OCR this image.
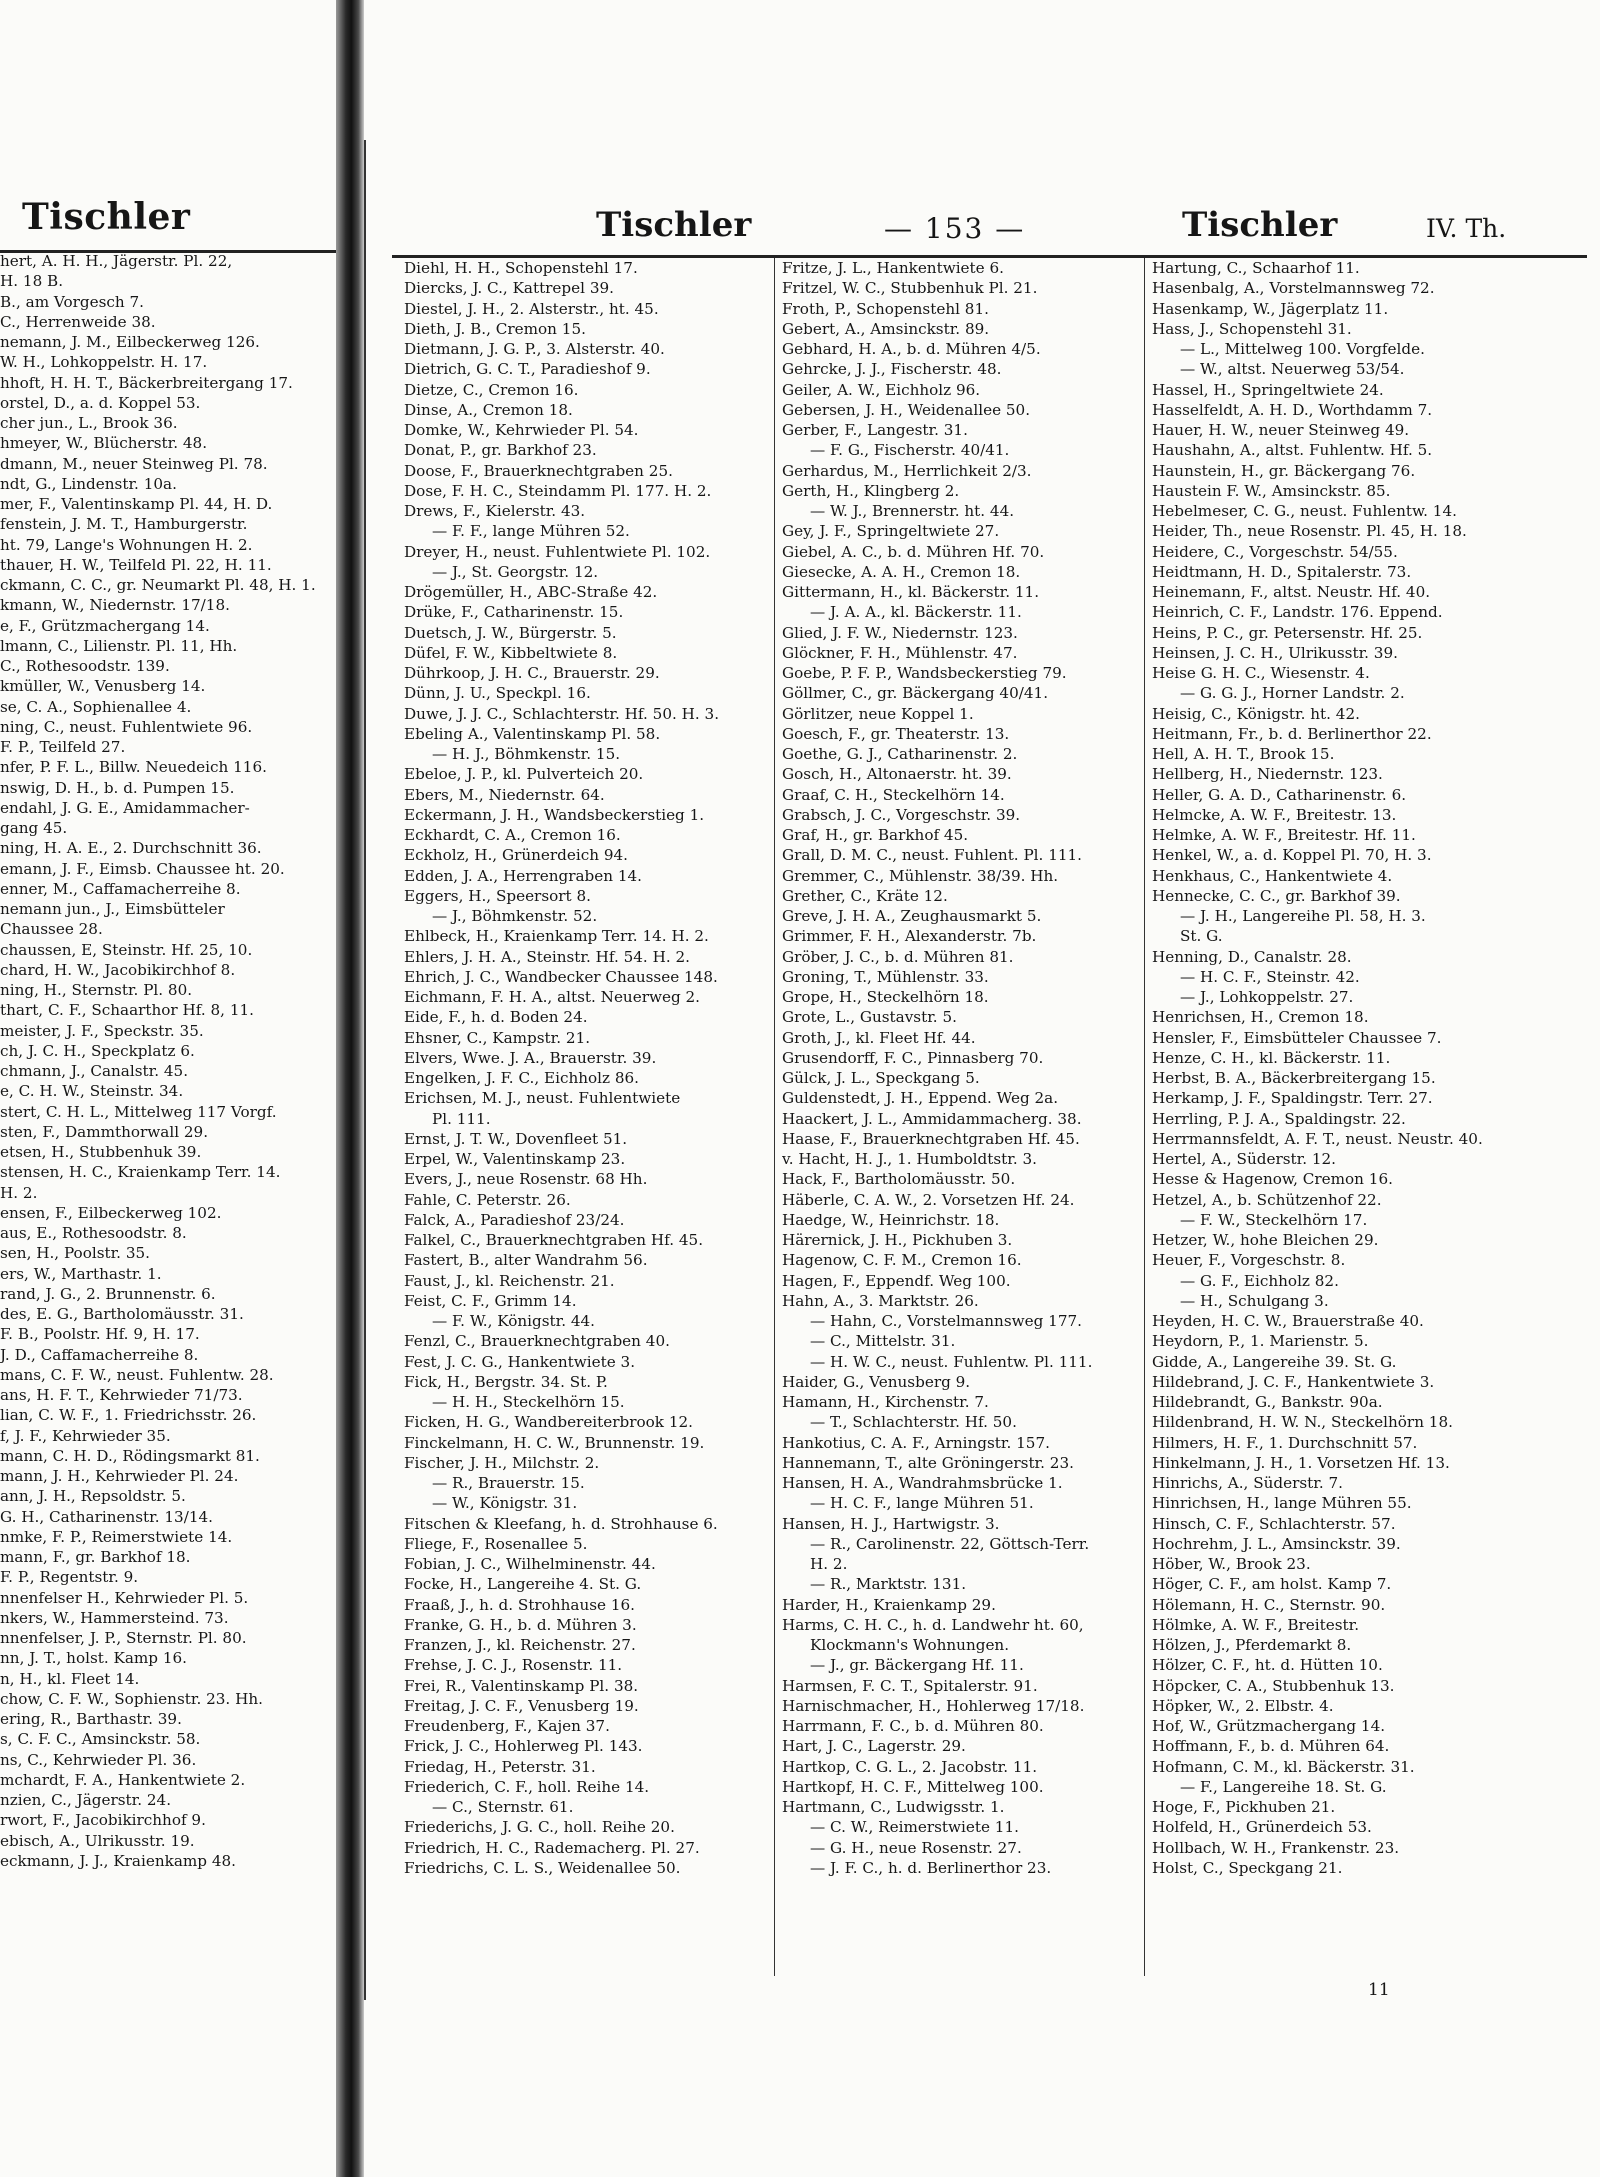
Tischler
hert, A. H. H., Jägerstr. Pl. 22,
H. 18 B.
B., am Vorgesch 7.
C., Herrenweide 38.
nemann, J. M., Eilbeckerweg 126.
W. H., Lohkoppelstr. H. 17.
hhoft, H. H. T., Bäckerbreitergang 17.
orstel, D., a. d. Koppel 53.
cher jun., L., Brook 36.
hmeyer, W., Blücherstr. 48.
dmann, M., neuer Steinweg Pl. 78.
ndt, G., Lindenstr. 10a.
mer, F., Valentinskamp Pl. 44, H. D.
fenstein, J. M. T., Hamburgerstr.
ht. 79, Lange's Wohnungen H. 2.
thauer, H. W., Teilfeld Pl. 22, H. 11.
ckmann, C. C., gr. Neumarkt Pl. 48, H. 1.
kmann, W., Niedernstr. 17/18.
e, F., Grützmachergang 14.
lmann, C., Lilienstr. Pl. 11, Hh.
C., Rothesoodstr. 139.
kmüller, W., Venusberg 14.
se, C. A., Sophienallee 4.
ning, C., neust. Fuhlentwiete 96.
F. P., Teilfeld 27.
nfer, P. F. L., Billw. Neuedeich 116.
nswig, D. H., b. d. Pumpen 15.
endahl, J. G. E., Amidammacher-
gang 45.
ning, H. A. E., 2. Durchschnitt 36.
emann, J. F., Eimsb. Chaussee ht. 20.
enner, M., Caffamacherreihe 8.
nemann jun., J., Eimsbütteler
Chaussee 28.
chaussen, E, Steinstr. Hf. 25, 10.
chard, H. W., Jacobikirchhof 8.
ning, H., Sternstr. Pl. 80.
thart, C. F., Schaarthor Hf. 8, 11.
meister, J. F., Speckstr. 35.
ch, J. C. H., Speckplatz 6.
chmann, J., Canalstr. 45.
e, C. H. W., Steinstr. 34.
stert, C. H. L., Mittelweg 117 Vorgf.
sten, F., Dammthorwall 29.
etsen, H., Stubbenhuk 39.
stensen, H. C., Kraienkamp Terr. 14.
H. 2.
ensen, F., Eilbeckerweg 102.
aus, E., Rothesoodstr. 8.
sen, H., Poolstr. 35.
ers, W., Marthastr. 1.
rand, J. G., 2. Brunnenstr. 6.
des, E. G., Bartholomäusstr. 31.
F. B., Poolstr. Hf. 9, H. 17.
J. D., Caffamacherreihe 8.
mans, C. F. W., neust. Fuhlentw. 28.
ans, H. F. T., Kehrwieder 71/73.
lian, C. W. F., 1. Friedrichsstr. 26.
f, J. F., Kehrwieder 35.
mann, C. H. D., Rödingsmarkt 81.
mann, J. H., Kehrwieder Pl. 24.
ann, J. H., Repsoldstr. 5.
G. H., Catharinenstr. 13/14.
nmke, F. P., Reimerstwiete 14.
mann, F., gr. Barkhof 18.
F. P., Regentstr. 9.
nnenfelser H., Kehrwieder Pl. 5.
nkers, W., Hammersteind. 73.
nnenfelser, J. P., Sternstr. Pl. 80.
nn, J. T., holst. Kamp 16.
n, H., kl. Fleet 14.
chow, C. F. W., Sophienstr. 23. Hh.
ering, R., Barthastr. 39.
s, C. F. C., Amsinckstr. 58.
ns, C., Kehrwieder Pl. 36.
mchardt, F. A., Hankentwiete 2.
nzien, C., Jägerstr. 24.
rwort, F., Jacobikirchhof 9.
ebisch, A., Ulrikusstr. 19.
eckmann, J. J., Kraienkamp 48.
Tischler	— 153 —	Tischler	IV. Th.
Diehl, H. H., Schopenstehl 17.
Diercks, J. C., Kattrepel 39.
Diestel, J. H., 2. Alsterstr., ht. 45.
Dieth, J. B., Cremon 15.
Dietmann, J. G. P., 3. Alsterstr. 40.
Dietrich, G. C. T., Paradieshof 9.
Dietze, C., Cremon 16.
Dinse, A., Cremon 18.
Domke, W., Kehrwieder Pl. 54.
Donat, P., gr. Barkhof 23.
Doose, F., Brauerknechtgraben 25.
Dose, F. H. C., Steindamm Pl. 177. H. 2.
Drews, F., Kielerstr. 43.
— F. F., lange Mühren 52.
Dreyer, H., neust. Fuhlentwiete Pl. 102.
— J., St. Georgstr. 12.
Drögemüller, H., ABC-Straße 42.
Drüke, F., Catharinenstr. 15.
Duetsch, J. W., Bürgerstr. 5.
Düfel, F. W., Kibbeltwiete 8.
Dührkoop, J. H. C., Brauerstr. 29.
Dünn, J. U., Speckpl. 16.
Duwe, J. J. C., Schlachterstr. Hf. 50. H. 3.
Ebeling A., Valentinskamp Pl. 58.
— H. J., Böhmkenstr. 15.
Ebeloe, J. P., kl. Pulverteich 20.
Ebers, M., Niedernstr. 64.
Eckermann, J. H., Wandsbeckerstieg 1.
Eckhardt, C. A., Cremon 16.
Eckholz, H., Grünerdeich 94.
Edden, J. A., Herrengraben 14.
Eggers, H., Speersort 8.
— J., Böhmkenstr. 52.
Ehlbeck, H., Kraienkamp Terr. 14. H. 2.
Ehlers, J. H. A., Steinstr. Hf. 54. H. 2.
Ehrich, J. C., Wandbecker Chaussee 148.
Eichmann, F. H. A., altst. Neuerweg 2.
Eide, F., h. d. Boden 24.
Ehsner, C., Kampstr. 21.
Elvers, Wwe. J. A., Brauerstr. 39.
Engelken, J. F. C., Eichholz 86.
Erichsen, M. J., neust. Fuhlentwiete
Pl. 111.
Ernst, J. T. W., Dovenfleet 51.
Erpel, W., Valentinskamp 23.
Evers, J., neue Rosenstr. 68 Hh.
Fahle, C. Peterstr. 26.
Falck, A., Paradieshof 23/24.
Falkel, C., Brauerknechtgraben Hf. 45.
Fastert, B., alter Wandrahm 56.
Faust, J., kl. Reichenstr. 21.
Feist, C. F., Grimm 14.
— F. W., Königstr. 44.
Fenzl, C., Brauerknechtgraben 40.
Fest, J. C. G., Hankentwiete 3.
Fick, H., Bergstr. 34. St. P.
— H. H., Steckelhörn 15.
Ficken, H. G., Wandbereiterbrook 12.
Finckelmann, H. C. W., Brunnenstr. 19.
Fischer, J. H., Milchstr. 2.
— R., Brauerstr. 15.
— W., Königstr. 31.
Fitschen & Kleefang, h. d. Strohhause 6.
Fliege, F., Rosenallee 5.
Fobian, J. C., Wilhelminenstr. 44.
Focke, H., Langereihe 4. St. G.
Fraaß, J., h. d. Strohhause 16.
Franke, G. H., b. d. Mühren 3.
Franzen, J., kl. Reichenstr. 27.
Frehse, J. C. J., Rosenstr. 11.
Frei, R., Valentinskamp Pl. 38.
Freitag, J. C. F., Venusberg 19.
Freudenberg, F., Kajen 37.
Frick, J. C., Hohlerweg Pl. 143.
Friedag, H., Peterstr. 31.
Friederich, C. F., holl. Reihe 14.
— C., Sternstr. 61.
Friederichs, J. G. C., holl. Reihe 20.
Friedrich, H. C., Rademacherg. Pl. 27.
Friedrichs, C. L. S., Weidenallee 50.
Fritze, J. L., Hankentwiete 6.
Fritzel, W. C., Stubbenhuk Pl. 21.
Froth, P., Schopenstehl 81.
Gebert, A., Amsinckstr. 89.
Gebhard, H. A., b. d. Mühren 4/5.
Gehrcke, J. J., Fischerstr. 48.
Geiler, A. W., Eichholz 96.
Gebersen, J. H., Weidenallee 50.
Gerber, F., Langestr. 31.
— F. G., Fischerstr. 40/41.
Gerhardus, M., Herrlichkeit 2/3.
Gerth, H., Klingberg 2.
— W. J., Brennerstr. ht. 44.
Gey, J. F., Springeltwiete 27.
Giebel, A. C., b. d. Mühren Hf. 70.
Giesecke, A. A. H., Cremon 18.
Gittermann, H., kl. Bäckerstr. 11.
— J. A. A., kl. Bäckerstr. 11.
Glied, J. F. W., Niedernstr. 123.
Glöckner, F. H., Mühlenstr. 47.
Goebe, P. F. P., Wandsbeckerstieg 79.
Göllmer, C., gr. Bäckergang 40/41.
Görlitzer, neue Koppel 1.
Goesch, F., gr. Theaterstr. 13.
Goethe, G. J., Catharinenstr. 2.
Gosch, H., Altonaerstr. ht. 39.
Graaf, C. H., Steckelhörn 14.
Grabsch, J. C., Vorgeschstr. 39.
Graf, H., gr. Barkhof 45.
Grall, D. M. C., neust. Fuhlent. Pl. 111.
Gremmer, C., Mühlenstr. 38/39. Hh.
Grether, C., Kräte 12.
Greve, J. H. A., Zeughausmarkt 5.
Grimmer, F. H., Alexanderstr. 7b.
Gröber, J. C., b. d. Mühren 81.
Groning, T., Mühlenstr. 33.
Grope, H., Steckelhörn 18.
Grote, L., Gustavstr. 5.
Groth, J., kl. Fleet Hf. 44.
Grusendorff, F. C., Pinnasberg 70.
Gülck, J. L., Speckgang 5.
Guldenstedt, J. H., Eppend. Weg 2a.
Haackert, J. L., Ammidammacherg. 38.
Haase, F., Brauerknechtgraben Hf. 45.
v. Hacht, H. J., 1. Humboldtstr. 3.
Hack, F., Bartholomäusstr. 50.
Häberle, C. A. W., 2. Vorsetzen Hf. 24.
Haedge, W., Heinrichstr. 18.
Härernick, J. H., Pickhuben 3.
Hagenow, C. F. M., Cremon 16.
Hagen, F., Eppendf. Weg 100.
Hahn, A., 3. Marktstr. 26.
— Hahn, C., Vorstelmannsweg 177.
— C., Mittelstr. 31.
— H. W. C., neust. Fuhlentw. Pl. 111.
Haider, G., Venusberg 9.
Hamann, H., Kirchenstr. 7.
— T., Schlachterstr. Hf. 50.
Hankotius, C. A. F., Arningstr. 157.
Hannemann, T., alte Gröningerstr. 23.
Hansen, H. A., Wandrahmsbrücke 1.
— H. C. F., lange Mühren 51.
Hansen, H. J., Hartwigstr. 3.
— R., Carolinenstr. 22, Göttsch-Terr.
H. 2.
— R., Marktstr. 131.
Harder, H., Kraienkamp 29.
Harms, C. H. C., h. d. Landwehr ht. 60,
Klockmann's Wohnungen.
— J., gr. Bäckergang Hf. 11.
Harmsen, F. C. T., Spitalerstr. 91.
Harnischmacher, H., Hohlerweg 17/18.
Harrmann, F. C., b. d. Mühren 80.
Hart, J. C., Lagerstr. 29.
Hartkop, C. G. L., 2. Jacobstr. 11.
Hartkopf, H. C. F., Mittelweg 100.
Hartmann, C., Ludwigsstr. 1.
— C. W., Reimerstwiete 11.
— G. H., neue Rosenstr. 27.
— J. F. C., h. d. Berlinerthor 23.
Hartung, C., Schaarhof 11.
Hasenbalg, A., Vorstelmannsweg 72.
Hasenkamp, W., Jägerplatz 11.
Hass, J., Schopenstehl 31.
— L., Mittelweg 100. Vorgfelde.
— W., altst. Neuerweg 53/54.
Hassel, H., Springeltwiete 24.
Hasselfeldt, A. H. D., Worthdamm 7.
Hauer, H. W., neuer Steinweg 49.
Haushahn, A., altst. Fuhlentw. Hf. 5.
Haunstein, H., gr. Bäckergang 76.
Haustein F. W., Amsinckstr. 85.
Hebelmeser, C. G., neust. Fuhlentw. 14.
Heider, Th., neue Rosenstr. Pl. 45, H. 18.
Heidere, C., Vorgeschstr. 54/55.
Heidtmann, H. D., Spitalerstr. 73.
Heinemann, F., altst. Neustr. Hf. 40.
Heinrich, C. F., Landstr. 176. Eppend.
Heins, P. C., gr. Petersenstr. Hf. 25.
Heinsen, J. C. H., Ulrikusstr. 39.
Heise G. H. C., Wiesenstr. 4.
— G. G. J., Horner Landstr. 2.
Heisig, C., Königstr. ht. 42.
Heitmann, Fr., b. d. Berlinerthor 22.
Hell, A. H. T., Brook 15.
Hellberg, H., Niedernstr. 123.
Heller, G. A. D., Catharinenstr. 6.
Helmcke, A. W. F., Breitestr. 13.
Helmke, A. W. F., Breitestr. Hf. 11.
Henkel, W., a. d. Koppel Pl. 70, H. 3.
Henkhaus, C., Hankentwiete 4.
Hennecke, C. C., gr. Barkhof 39.
— J. H., Langereihe Pl. 58, H. 3.
St. G.
Henning, D., Canalstr. 28.
— H. C. F., Steinstr. 42.
— J., Lohkoppelstr. 27.
Henrichsen, H., Cremon 18.
Hensler, F., Eimsbütteler Chaussee 7.
Henze, C. H., kl. Bäckerstr. 11.
Herbst, B. A., Bäckerbreitergang 15.
Herkamp, J. F., Spaldingstr. Terr. 27.
Herrling, P. J. A., Spaldingstr. 22.
Herrmannsfeldt, A. F. T., neust. Neustr. 40.
Hertel, A., Süderstr. 12.
Hesse & Hagenow, Cremon 16.
Hetzel, A., b. Schützenhof 22.
— F. W., Steckelhörn 17.
Hetzer, W., hohe Bleichen 29.
Heuer, F., Vorgeschstr. 8.
— G. F., Eichholz 82.
— H., Schulgang 3.
Heyden, H. C. W., Brauerstraße 40.
Heydorn, P., 1. Marienstr. 5.
Gidde, A., Langereihe 39. St. G.
Hildebrand, J. C. F., Hankentwiete 3.
Hildebrandt, G., Bankstr. 90a.
Hildenbrand, H. W. N., Steckelhörn 18.
Hilmers, H. F., 1. Durchschnitt 57.
Hinkelmann, J. H., 1. Vorsetzen Hf. 13.
Hinrichs, A., Süderstr. 7.
Hinrichsen, H., lange Mühren 55.
Hinsch, C. F., Schlachterstr. 57.
Hochrehm, J. L., Amsinckstr. 39.
Höber, W., Brook 23.
Höger, C. F., am holst. Kamp 7.
Hölemann, H. C., Sternstr. 90.
Hölmke, A. W. F., Breitestr.
Hölzen, J., Pferdemarkt 8.
Hölzer, C. F., ht. d. Hütten 10.
Höpcker, C. A., Stubbenhuk 13.
Höpker, W., 2. Elbstr. 4.
Hof, W., Grützmachergang 14.
Hoffmann, F., b. d. Mühren 64.
Hofmann, C. M., kl. Bäckerstr. 31.
— F., Langereihe 18. St. G.
Hoge, F., Pickhuben 21.
Holfeld, H., Grünerdeich 53.
Hollbach, W. H., Frankenstr. 23.
Holst, C., Speckgang 21.
11
